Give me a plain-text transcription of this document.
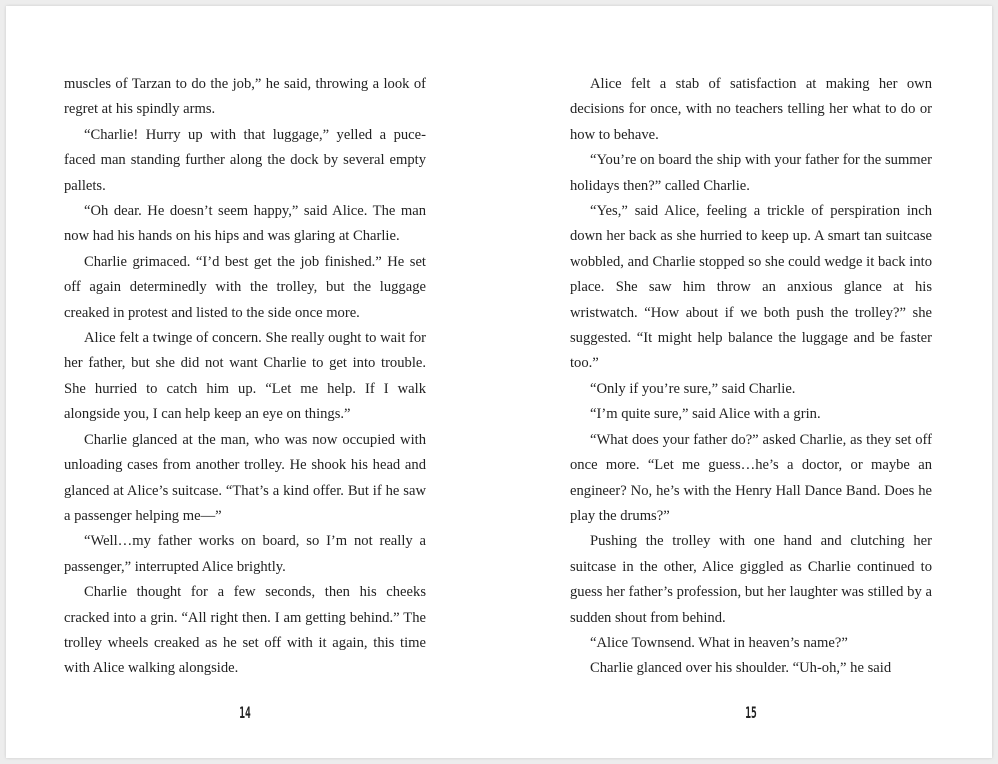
muscles of Tarzan to do the job,” he said, throwing a look of regret at his spindly arms.

“Charlie! Hurry up with that luggage,” yelled a puce-faced man standing further along the dock by several empty pallets.

“Oh dear. He doesn’t seem happy,” said Alice. The man now had his hands on his hips and was glaring at Charlie.

Charlie grimaced. “I’d best get the job finished.” He set off again determinedly with the trolley, but the luggage creaked in protest and listed to the side once more.

Alice felt a twinge of concern. She really ought to wait for her father, but she did not want Charlie to get into trouble. She hurried to catch him up. “Let me help. If I walk alongside you, I can help keep an eye on things.”

Charlie glanced at the man, who was now occupied with unloading cases from another trolley. He shook his head and glanced at Alice’s suitcase. “That’s a kind offer. But if he saw a passenger helping me—”

“Well…my father works on board, so I’m not really a passenger,” interrupted Alice brightly.

Charlie thought for a few seconds, then his cheeks cracked into a grin. “All right then. I am getting behind.” The trolley wheels creaked as he set off with it again, this time with Alice walking alongside.

Alice felt a stab of satisfaction at making her own decisions for once, with no teachers telling her what to do or how to behave.

“You’re on board the ship with your father for the summer holidays then?” called Charlie.

“Yes,” said Alice, feeling a trickle of perspiration inch down her back as she hurried to keep up. A smart tan suitcase wobbled, and Charlie stopped so she could wedge it back into place. She saw him throw an anxious glance at his wristwatch. “How about if we both push the trolley?” she suggested. “It might help balance the luggage and be faster too.”

“Only if you’re sure,” said Charlie.

“I’m quite sure,” said Alice with a grin.

“What does your father do?” asked Charlie, as they set off once more. “Let me guess…he’s a doctor, or maybe an engineer? No, he’s with the Henry Hall Dance Band. Does he play the drums?”

Pushing the trolley with one hand and clutching her suitcase in the other, Alice giggled as Charlie continued to guess her father’s profession, but her laughter was stilled by a sudden shout from behind.

“Alice Townsend. What in heaven’s name?”

Charlie glanced over his shoulder. “Uh-oh,” he said

14	15
